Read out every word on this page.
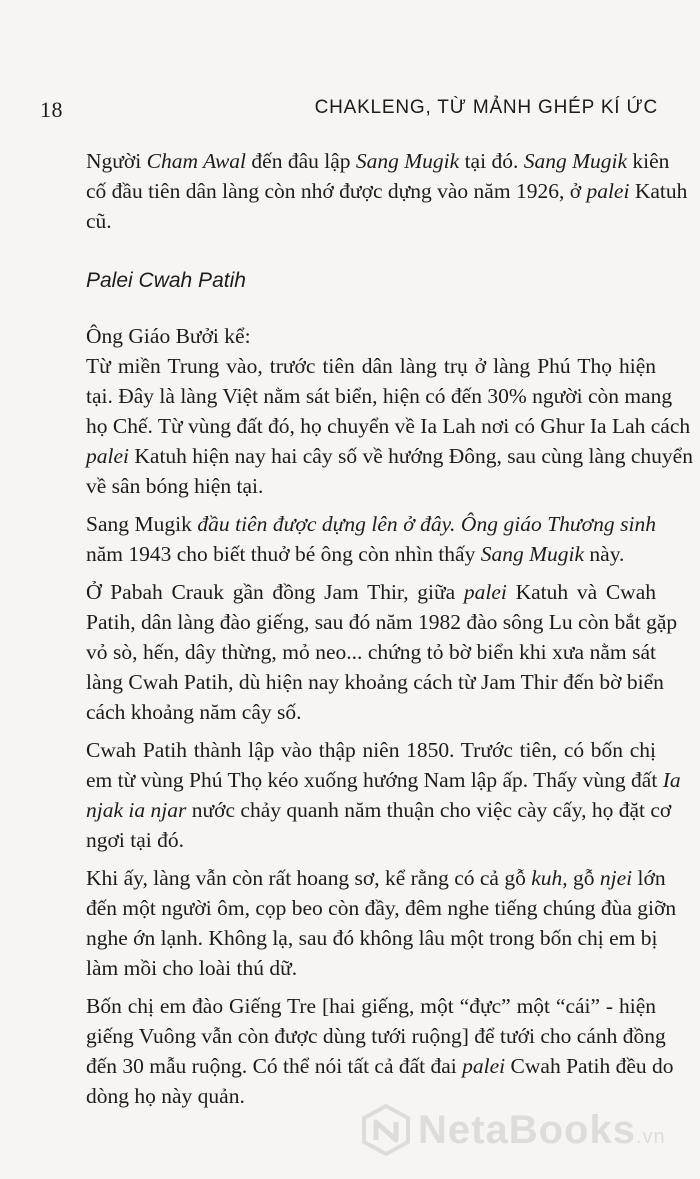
18	CHAKLENG, TỪ MẢNH GHÉP KÍ ỨC

Người Cham Awal đến đâu lập Sang Mugik tại đó. Sang Mugik kiên
cố đầu tiên dân làng còn nhớ được dựng vào năm 1926, ở palei Katuh
cũ.

Palei Cwah Patih

Ông Giáo Bưởi kể:

Từ miền Trung vào, trước tiên dân làng trụ ở làng Phú Thọ hiện
tại. Đây là làng Việt nằm sát biển, hiện có đến 30% người còn mang
họ Chế. Từ vùng đất đó, họ chuyển về Ia Lah nơi có Ghur Ia Lah cách
palei Katuh hiện nay hai cây số về hướng Đông, sau cùng làng chuyển
về sân bóng hiện tại.

Sang Mugik đầu tiên được dựng lên ở đây. Ông giáo Thương sinh
năm 1943 cho biết thuở bé ông còn nhìn thấy Sang Mugik này.

Ở Pabah Crauk gần đồng Jam Thir, giữa palei Katuh và Cwah
Patih, dân làng đào giếng, sau đó năm 1982 đào sông Lu còn bắt gặp
vỏ sò, hến, dây thừng, mỏ neo... chứng tỏ bờ biển khi xưa nằm sát
làng Cwah Patih, dù hiện nay khoảng cách từ Jam Thir đến bờ biển
cách khoảng năm cây số.

Cwah Patih thành lập vào thập niên 1850. Trước tiên, có bốn chị
em từ vùng Phú Thọ kéo xuống hướng Nam lập ấp. Thấy vùng đất Ia
njak ia njar nước chảy quanh năm thuận cho việc cày cấy, họ đặt cơ
ngơi tại đó.

Khi ấy, làng vẫn còn rất hoang sơ, kể rằng có cả gỗ kuh, gỗ njei lớn
đến một người ôm, cọp beo còn đầy, đêm nghe tiếng chúng đùa giỡn
nghe ớn lạnh. Không lạ, sau đó không lâu một trong bốn chị em bị
làm mồi cho loài thú dữ.

Bốn chị em đào Giếng Tre [hai giếng, một “đực” một “cái” - hiện
giếng Vuông vẫn còn được dùng tưới ruộng] để tưới cho cánh đồng
đến 30 mẫu ruộng. Có thể nói tất cả đất đai palei Cwah Patih đều do
dòng họ này quản.

NetaBooks.vn
